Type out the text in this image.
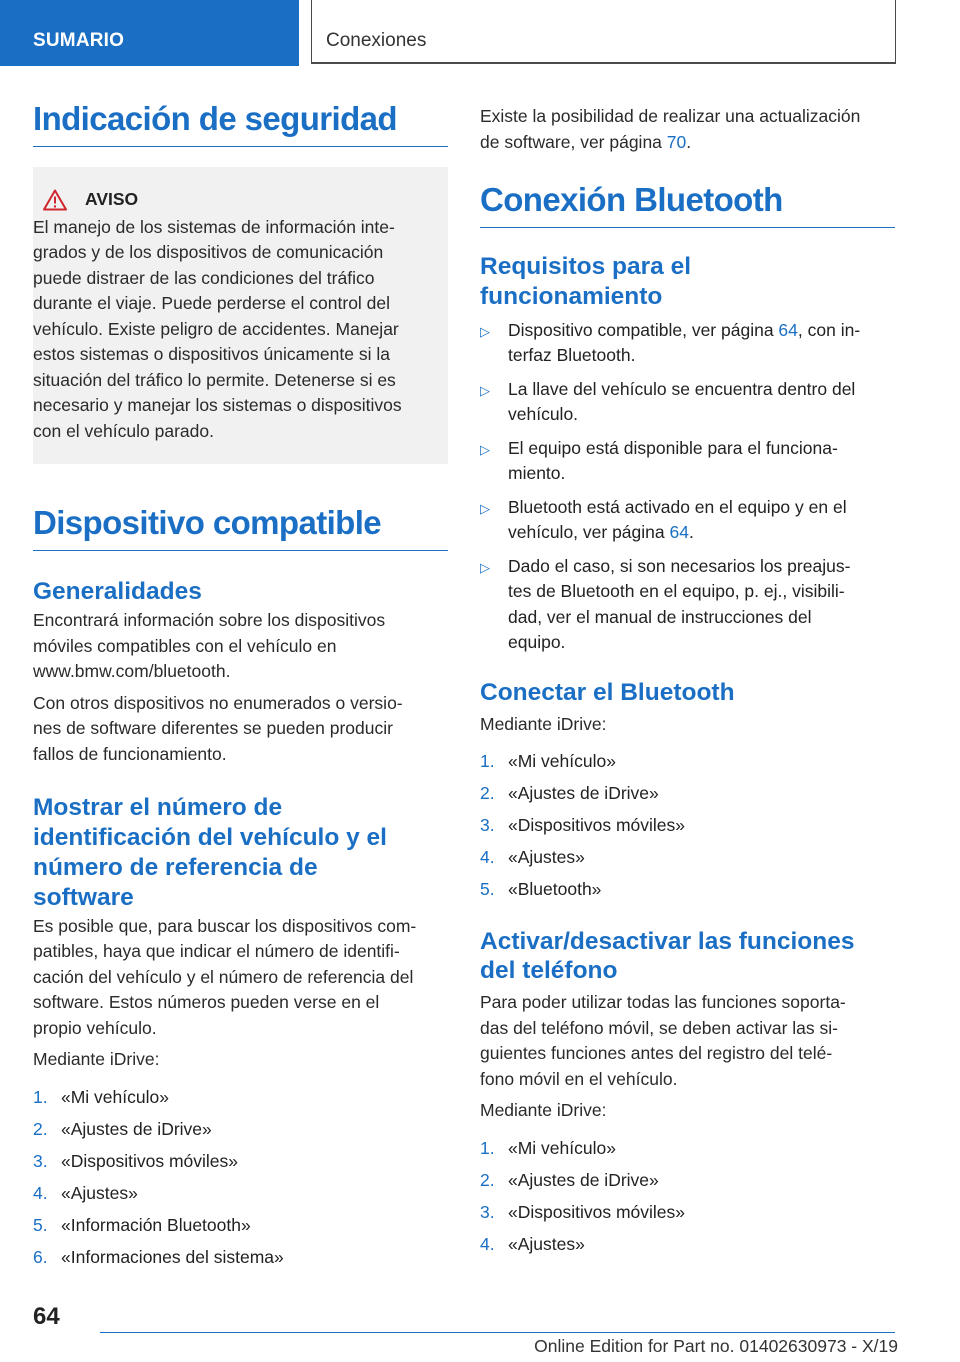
SUMARIO	Conexiones
Indicación de seguridad
AVISO

El manejo de los sistemas de información inte-
grados y de los dispositivos de comunicación
puede distraer de las condiciones del tráfico
durante el viaje. Puede perderse el control del
vehículo. Existe peligro de accidentes. Manejar
estos sistemas o dispositivos únicamente si la
situación del tráfico lo permite. Detenerse si es
necesario y manejar los sistemas o dispositivos
con el vehículo parado.

Dispositivo compatible
Generalidades

Encontrará información sobre los dispositivos
móviles compatibles con el vehículo en
www.bmw.com/bluetooth.

Con otros dispositivos no enumerados o versio-
nes de software diferentes se pueden producir
fallos de funcionamiento.

Mostrar el número de
identificación del vehículo y el
número de referencia de
software

Es posible que, para buscar los dispositivos com-
patibles, haya que indicar el número de identifi-
cación del vehículo y el número de referencia del
software. Estos números pueden verse en el
propio vehículo.

Mediante iDrive:

1. «Mi vehículo»
2. «Ajustes de iDrive»
3. «Dispositivos móviles»
4. «Ajustes»
5. «Información Bluetooth»
6. «Informaciones del sistema»

Existe la posibilidad de realizar una actualización
de software, ver página 70.

Conexión Bluetooth
Requisitos para el
funcionamiento
▷	Dispositivo compatible, ver página 64, con in-
terfaz Bluetooth.
▷	La llave del vehículo se encuentra dentro del
vehículo.
▷	El equipo está disponible para el funciona-
miento.
▷	Bluetooth está activado en el equipo y en el
vehículo, ver página 64.
▷	Dado el caso, si son necesarios los preajus-
tes de Bluetooth en el equipo, p. ej., visibili-
dad, ver el manual de instrucciones del
equipo.
Conectar el Bluetooth

Mediante iDrive:

1. «Mi vehículo»
2. «Ajustes de iDrive»
3. «Dispositivos móviles»
4. «Ajustes»
5. «Bluetooth»
Activar/desactivar las funciones
del teléfono

Para poder utilizar todas las funciones soporta-
das del teléfono móvil, se deben activar las si-
guientes funciones antes del registro del telé-
fono móvil en el vehículo.

Mediante iDrive:

1. «Mi vehículo»
2. «Ajustes de iDrive»
3. «Dispositivos móviles»
4. «Ajustes»
64
Online Edition for Part no. 01402630973 - X/19
